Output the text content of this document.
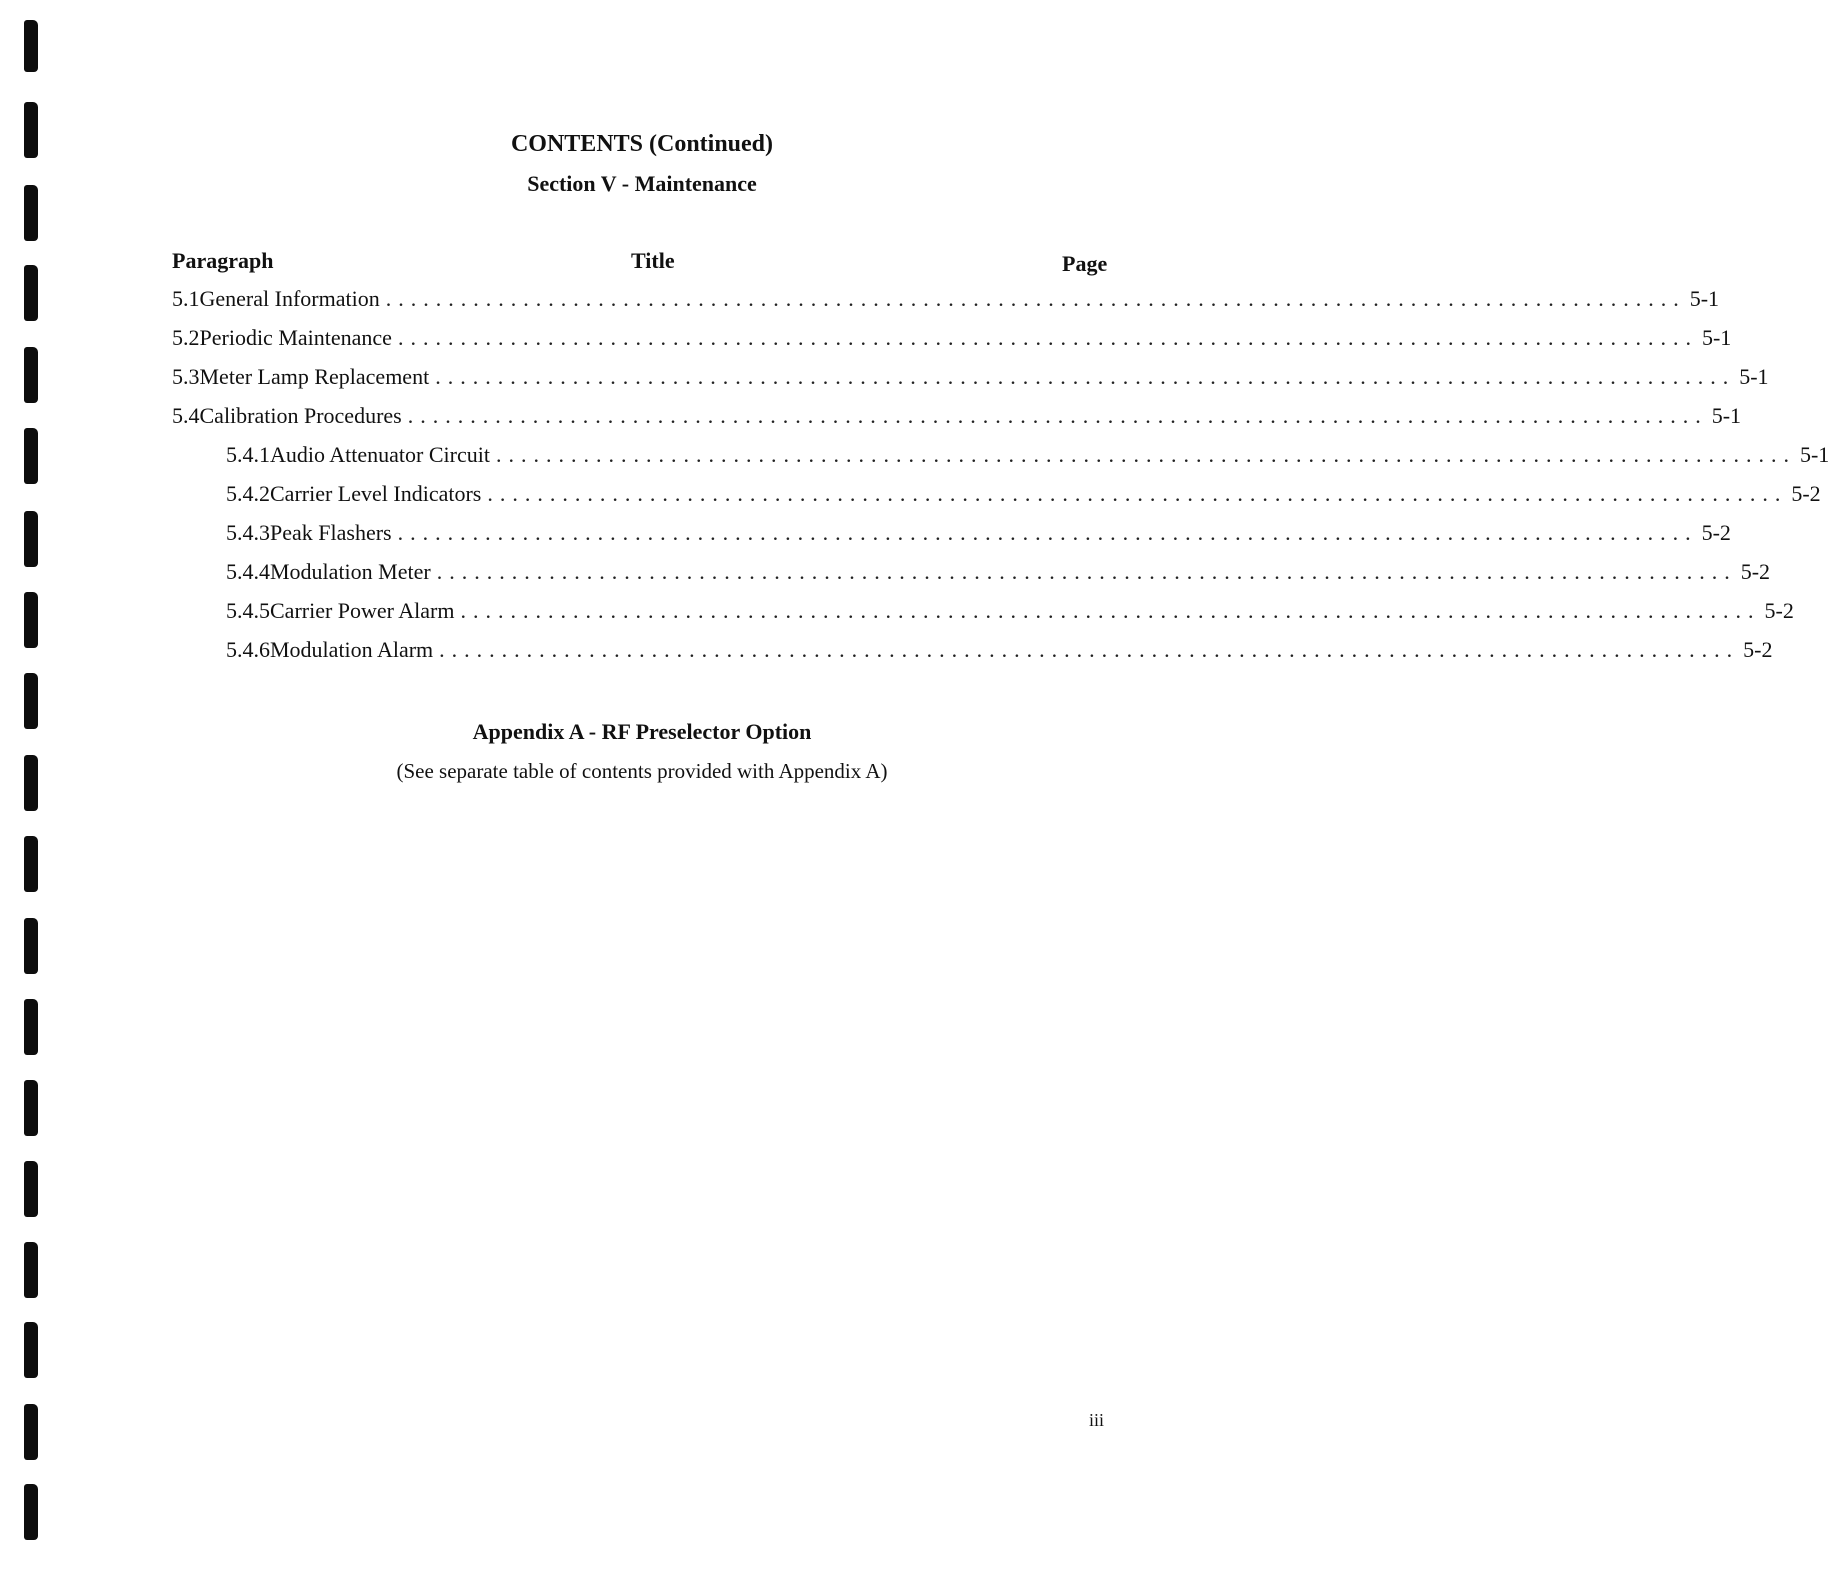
CONTENTS (Continued)
Section V - Maintenance
Paragraph	Title	Page
5.1 General Information ........................................................................................................ 5-1
5.2 Periodic Maintenance ........................................................................................................ 5-1
5.3 Meter Lamp Replacement ........................................................................................................ 5-1
5.4 Calibration Procedures ........................................................................................................ 5-1
5.4.1 Audio Attenuator Circuit ........................................................................................................ 5-1
5.4.2 Carrier Level Indicators ........................................................................................................ 5-2
5.4.3 Peak Flashers ........................................................................................................ 5-2
5.4.4 Modulation Meter ........................................................................................................ 5-2
5.4.5 Carrier Power Alarm ........................................................................................................ 5-2
5.4.6 Modulation Alarm ........................................................................................................ 5-2
Appendix A - RF Preselector Option
(See separate table of contents provided with Appendix A)
iii
